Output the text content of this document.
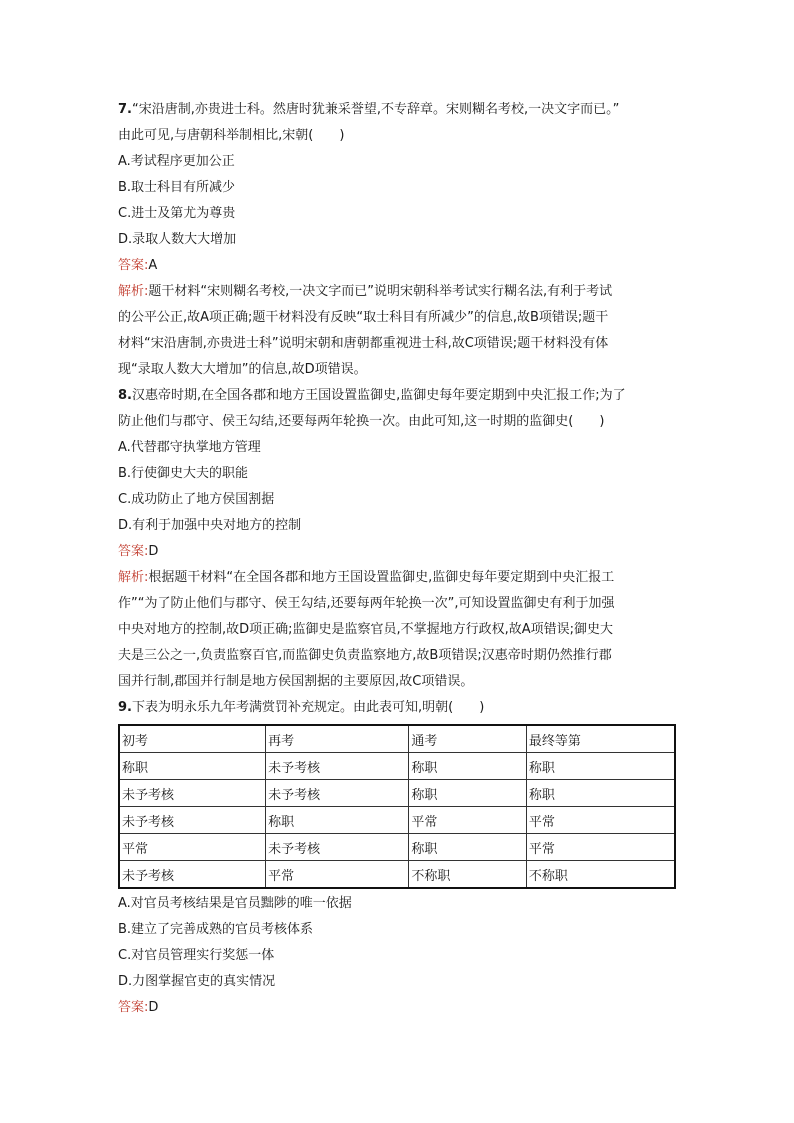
7.“宋沿唐制,亦贵进士科。然唐时犹兼采誉望,不专辞章。宋则糊名考校,一决文字而已。”
由此可见,与唐朝科举制相比,宋朝(　　)
A.考试程序更加公正
B.取士科目有所减少
C.进士及第尤为尊贵
D.录取人数大大增加
答案:A
解析:题干材料“宋则糊名考校,一决文字而已”说明宋朝科举考试实行糊名法,有利于考试
的公平公正,故A项正确;题干材料没有反映“取士科目有所减少”的信息,故B项错误;题干
材料“宋沿唐制,亦贵进士科”说明宋朝和唐朝都重视进士科,故C项错误;题干材料没有体
现“录取人数大大增加”的信息,故D项错误。
8.汉惠帝时期,在全国各郡和地方王国设置监御史,监御史每年要定期到中央汇报工作;为了
防止他们与郡守、侯王勾结,还要每两年轮换一次。由此可知,这一时期的监御史(　　)
A.代替郡守执掌地方管理
B.行使御史大夫的职能
C.成功防止了地方侯国割据
D.有利于加强中央对地方的控制
答案:D
解析:根据题干材料“在全国各郡和地方王国设置监御史,监御史每年要定期到中央汇报工
作”“为了防止他们与郡守、侯王勾结,还要每两年轮换一次”,可知设置监御史有利于加强
中央对地方的控制,故D项正确;监御史是监察官员,不掌握地方行政权,故A项错误;御史大
夫是三公之一,负责监察百官,而监御史负责监察地方,故B项错误;汉惠帝时期仍然推行郡
国并行制,郡国并行制是地方侯国割据的主要原因,故C项错误。
9.下表为明永乐九年考满赏罚补充规定。由此表可知,明朝(　　)
初考	再考	通考	最终等第
称职	未予考核	称职	称职
未予考核	未予考核	称职	称职
未予考核	称职	平常	平常
平常	未予考核	称职	平常
未予考核	平常	不称职	不称职
A.对官员考核结果是官员黜陟的唯一依据
B.建立了完善成熟的官员考核体系
C.对官员管理实行奖惩一体
D.力图掌握官吏的真实情况
答案:D
